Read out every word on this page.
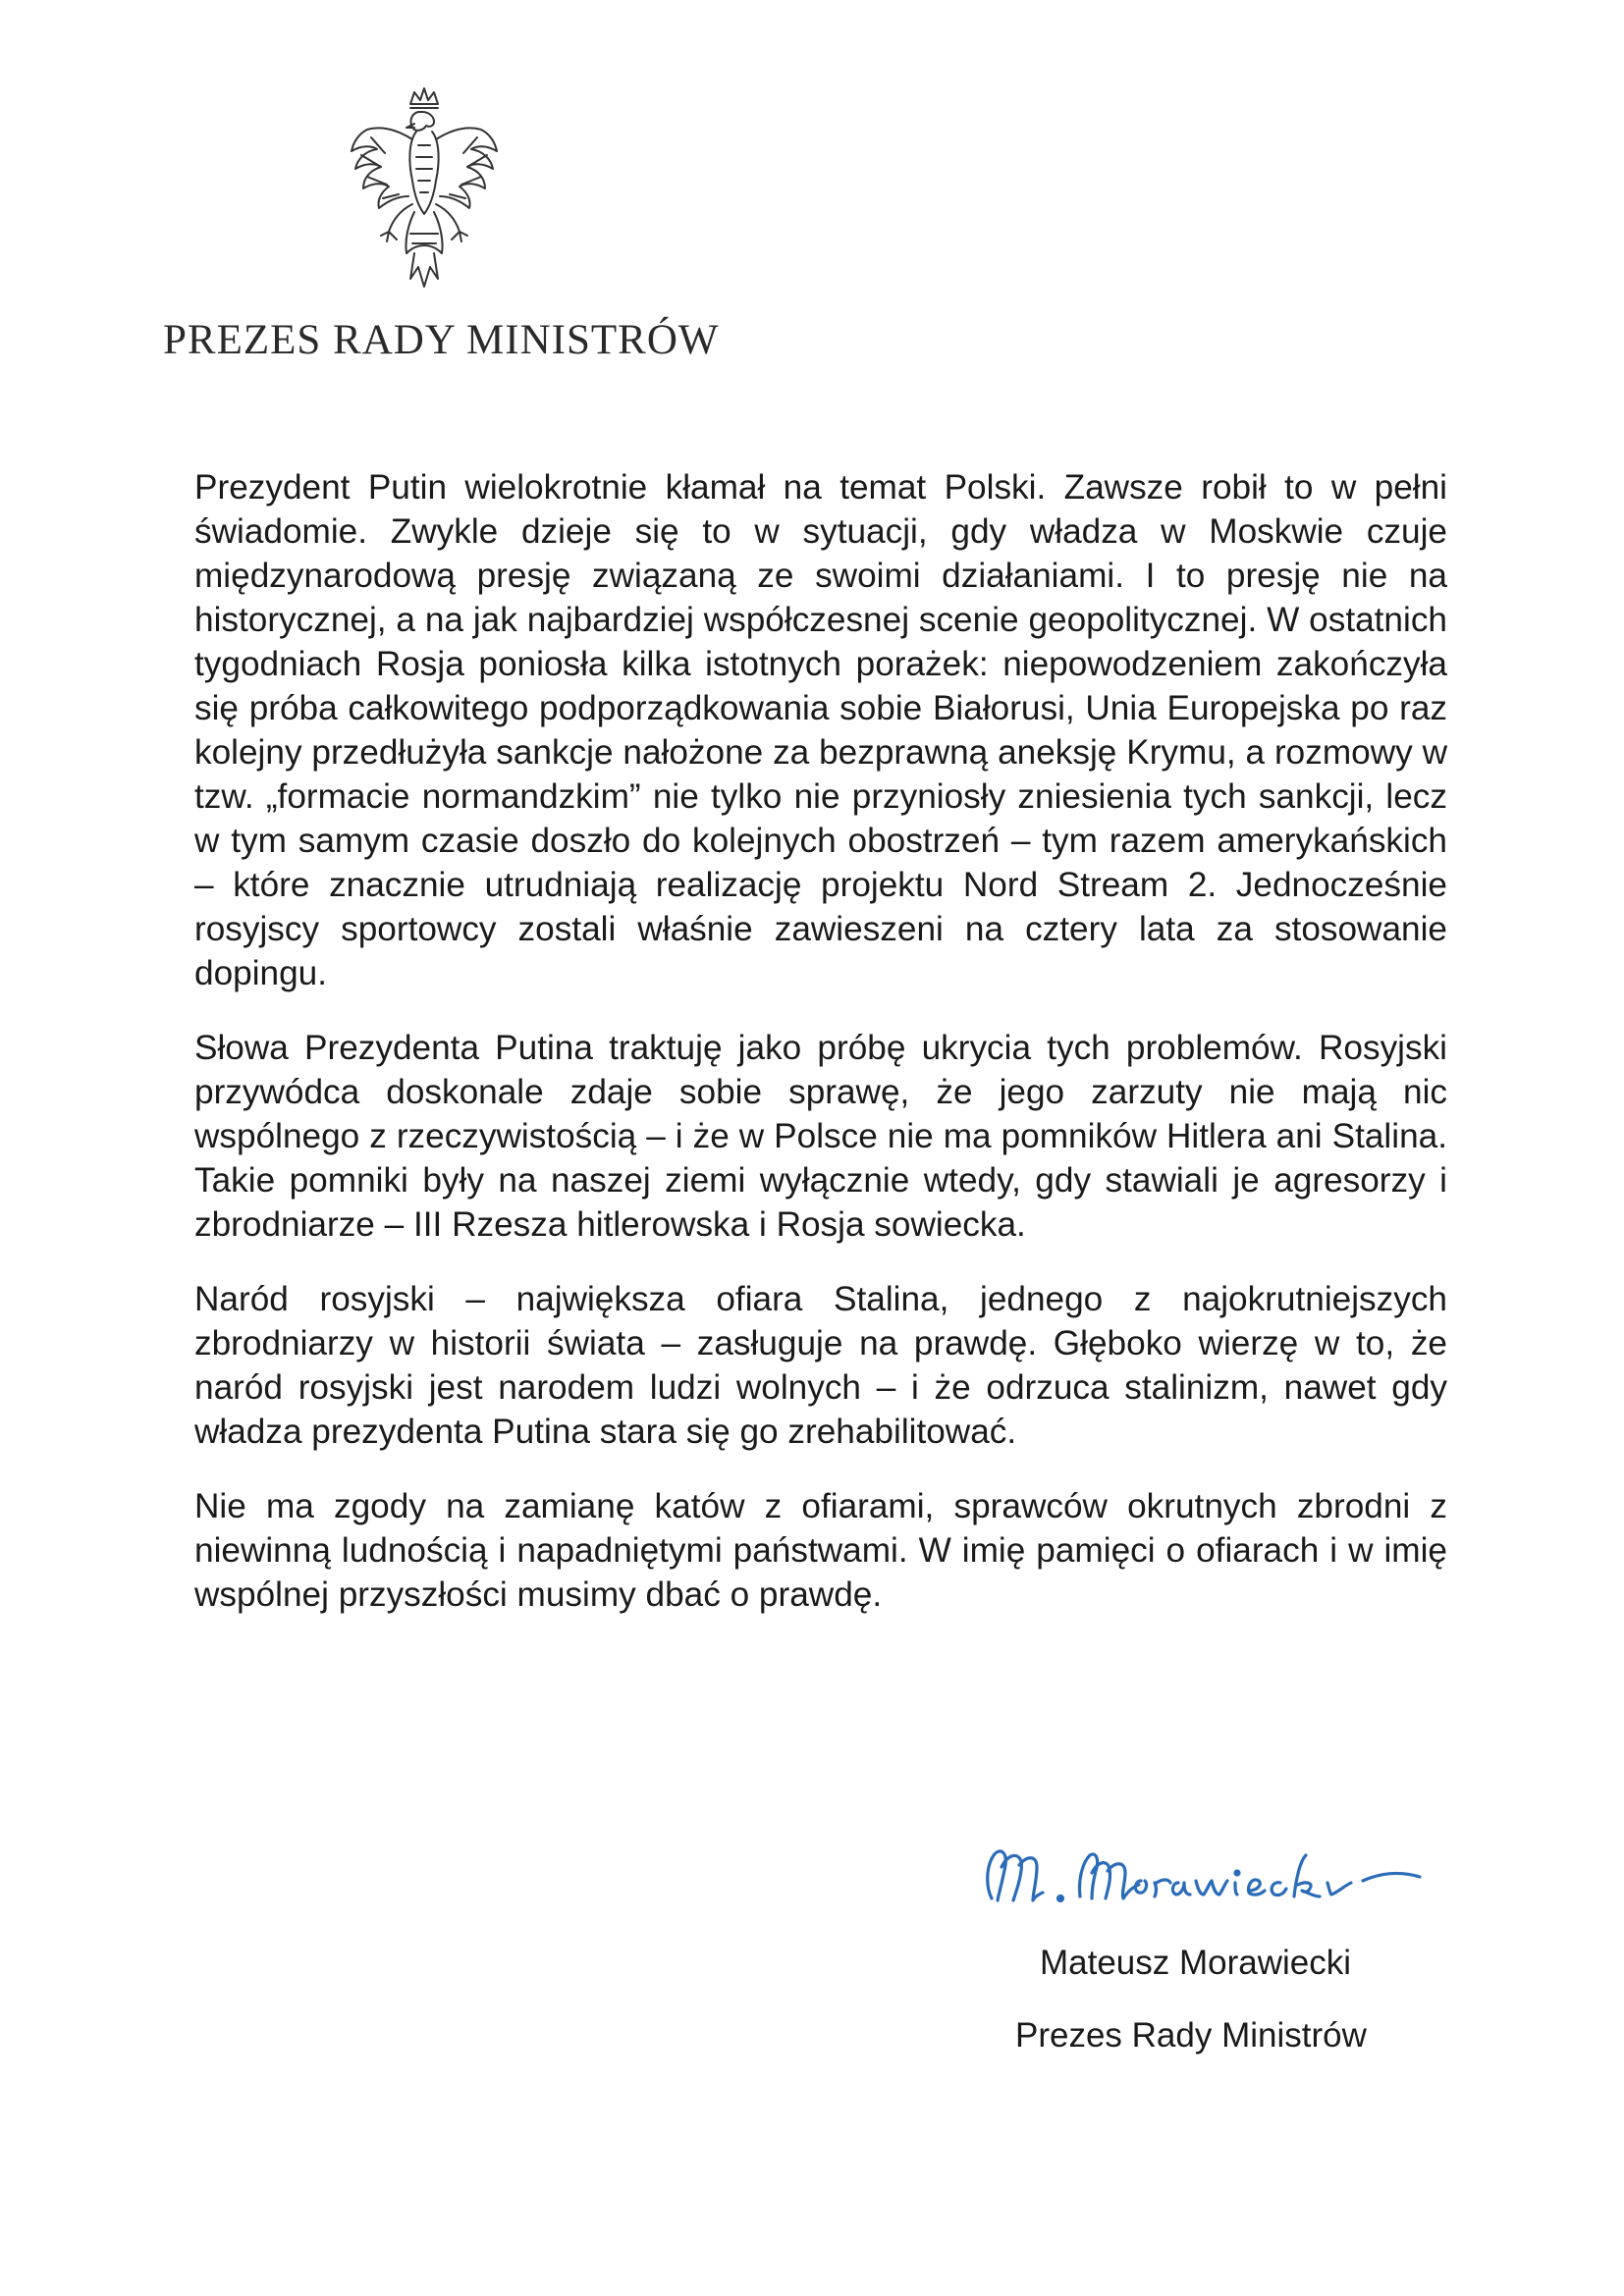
PREZES RADY MINISTRÓW

Prezydent Putin wielokrotnie kłamał na temat Polski. Zawsze robił to w pełni świadomie. Zwykle dzieje się to w sytuacji, gdy władza w Moskwie czuje międzynarodową presję związaną ze swoimi działaniami. I to presję nie na historycznej, a na jak najbardziej współczesnej scenie geopolitycznej. W ostatnich tygodniach Rosja poniosła kilka istotnych porażek: niepowodzeniem zakończyła się próba całkowitego podporządkowania sobie Białorusi, Unia Europejska po raz kolejny przedłużyła sankcje nałożone za bezprawną aneksję Krymu, a rozmowy w tzw. „formacie normandzkim” nie tylko nie przyniosły zniesienia tych sankcji, lecz w tym samym czasie doszło do kolejnych obostrzeń – tym razem amerykańskich – które znacznie utrudniają realizację projektu Nord Stream 2. Jednocześnie rosyjscy sportowcy zostali właśnie zawieszeni na cztery lata za stosowanie dopingu.

Słowa Prezydenta Putina traktuję jako próbę ukrycia tych problemów. Rosyjski przywódca doskonale zdaje sobie sprawę, że jego zarzuty nie mają nic wspólnego z rzeczywistością – i że w Polsce nie ma pomników Hitlera ani Stalina. Takie pomniki były na naszej ziemi wyłącznie wtedy, gdy stawiali je agresorzy i zbrodniarze – III Rzesza hitlerowska i Rosja sowiecka.

Naród rosyjski – największa ofiara Stalina, jednego z najokrutniejszych zbrodniarzy w historii świata – zasługuje na prawdę. Głęboko wierzę w to, że naród rosyjski jest narodem ludzi wolnych – i że odrzuca stalinizm, nawet gdy władza prezydenta Putina stara się go zrehabilitować.

Nie ma zgody na zamianę katów z ofiarami, sprawców okrutnych zbrodni z niewinną ludnością i napadniętymi państwami. W imię pamięci o ofiarach i w imię wspólnej przyszłości musimy dbać o prawdę.

Mateusz Morawiecki
Prezes Rady Ministrów
